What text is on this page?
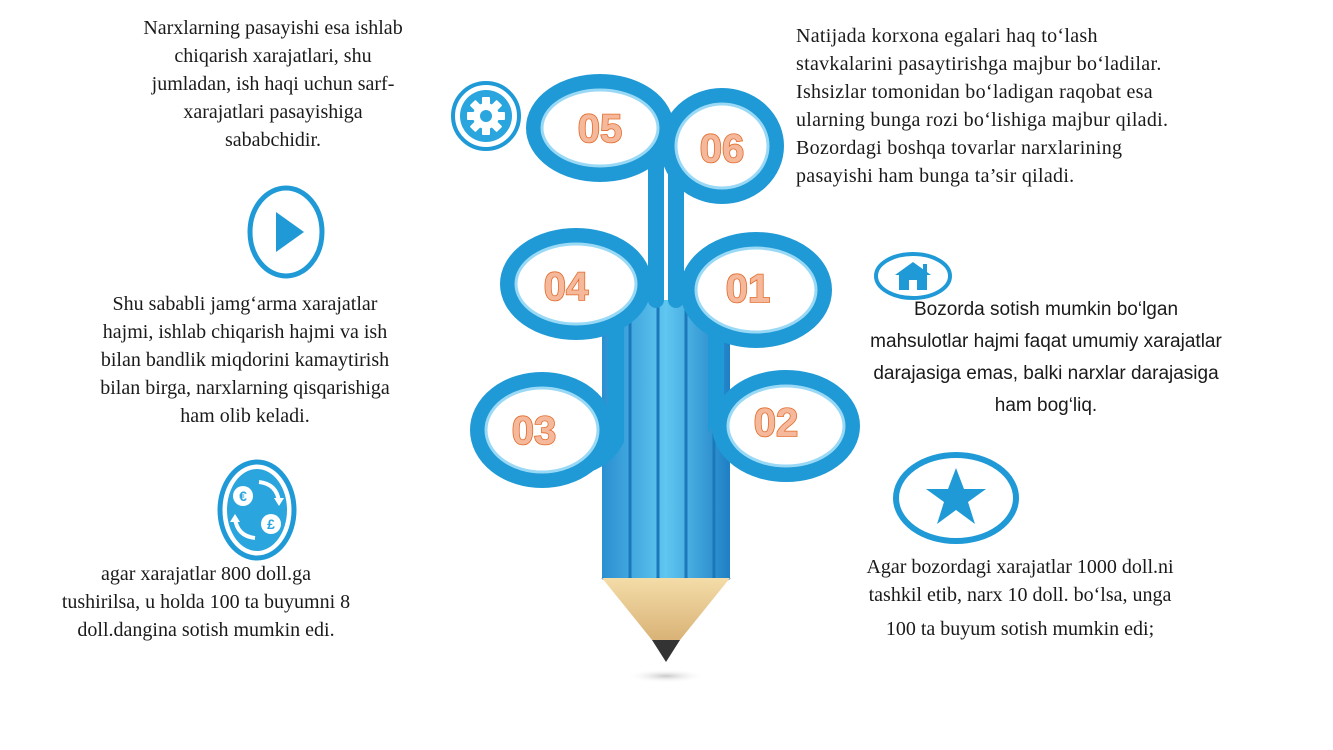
05 06
04	01
03	02
€
£
Narxlarning pasayishi esa ishlab
chiqarish xarajatlari, shu
jumladan, ish haqi uchun sarf-
xarajatlari pasayishiga
sababchidir.
Natijada korxona egalari haq to‘lash
stavkalarini pasaytirishga majbur bo‘ladilar.
Ishsizlar tomonidan bo‘ladigan raqobat esa
ularning bunga rozi bo‘lishiga majbur qiladi.
Bozordagi boshqa tovarlar narxlarining
pasayishi ham bunga ta’sir qiladi.
Shu sababli jamg‘arma xarajatlar
hajmi, ishlab chiqarish hajmi va ish
bilan bandlik miqdorini kamaytirish
bilan birga, narxlarning qisqarishiga
ham olib keladi.
Bozorda sotish mumkin bo‘lgan
mahsulotlar hajmi faqat umumiy xarajatlar
darajasiga emas, balki narxlar darajasiga
ham bog‘liq.
agar xarajatlar 800 doll.ga
tushirilsa, u holda 100 ta buyumni 8
doll.dangina sotish mumkin edi.
Agar bozordagi xarajatlar 1000 doll.ni
tashkil etib, narx 10 doll. bo‘lsa, unga
100 ta buyum sotish mumkin edi;
